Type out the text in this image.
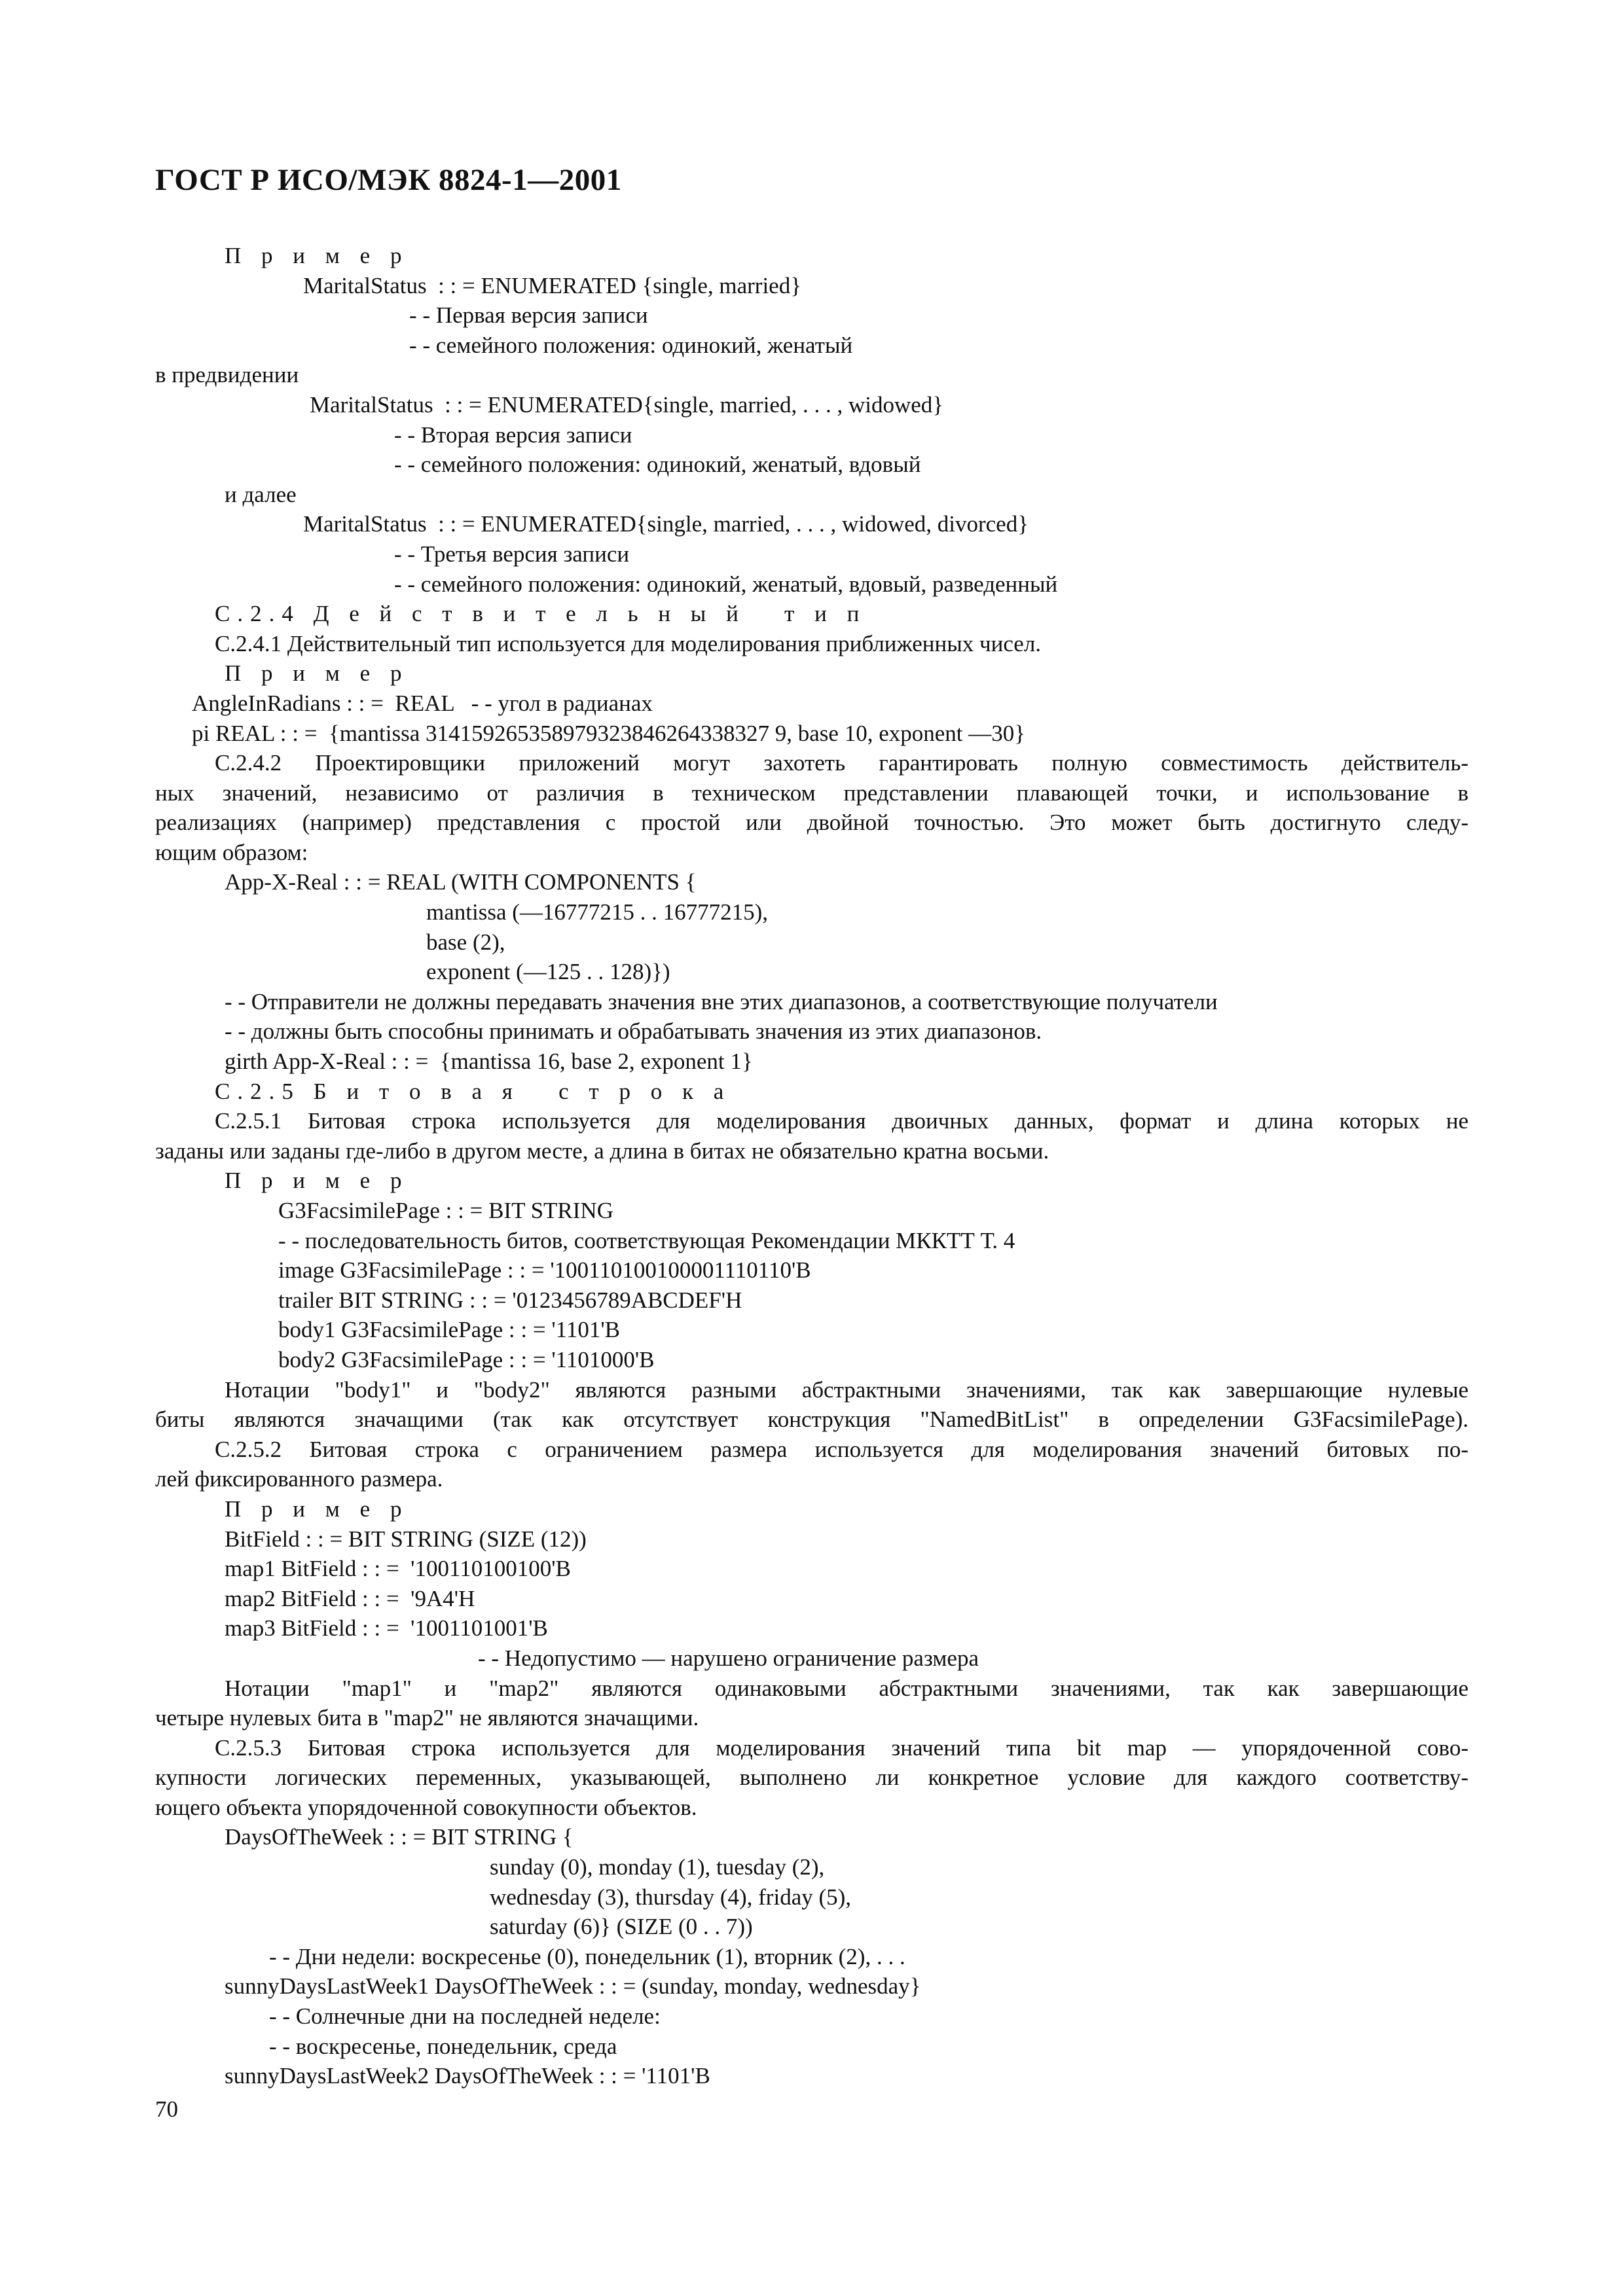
ГОСТ Р ИСО/МЭК 8824-1—2001
П р и м е р
MaritalStatus  : : = ENUMERATED {single, married}
- - Первая версия записи
- - семейного положения: одинокий, женатый
в предвидении
MaritalStatus  : : = ENUMERATED{single, married, . . . , widowed}
- - Вторая версия записи
- - семейного положения: одинокий, женатый, вдовый
и далее
MaritalStatus  : : = ENUMERATED{single, married, . . . , widowed, divorced}
- - Третья версия записи
- - семейного положения: одинокий, женатый, вдовый, разведенный
С.2.4 Д е й с т в и т е л ь н ы й   т и п
С.2.4.1 Действительный тип используется для моделирования приближенных чисел.
П р и м е р
AngleInRadians : : =  REAL   - - угол в радианах
pi REAL : : =  {mantissa 314159265358979323846264338327 9, base 10, exponent —30}
С.2.4.2 Проектировщики приложений могут захотеть гарантировать полную совместимость действитель-
ных значений, независимо от различия в техническом представлении плавающей точки, и использование в
реализациях (например) представления с простой или двойной точностью. Это может быть достигнуто следу-
ющим образом:
App-X-Real : : = REAL (WITH COMPONENTS {
mantissa (—16777215 . . 16777215),
base (2),
exponent (—125 . . 128)})
- - Отправители не должны передавать значения вне этих диапазонов, а соответствующие получатели
- - должны быть способны принимать и обрабатывать значения из этих диапазонов.
girth App-X-Real : : =  {mantissa 16, base 2, exponent 1}
С.2.5 Б и т о в а я   с т р о к а
С.2.5.1 Битовая строка используется для моделирования двоичных данных, формат и длина которых не
заданы или заданы где-либо в другом месте, а длина в битах не обязательно кратна восьми.
П р и м е р
G3FacsimilePage : : = BIT STRING
- - последовательность битов, соответствующая Рекомендации МККТТ Т. 4
image G3FacsimilePage : : = '100110100100001110110'B
trailer BIT STRING : : = '0123456789ABCDEF'H
body1 G3FacsimilePage : : = '1101'B
body2 G3FacsimilePage : : = '1101000'B
Нотации "body1" и "body2" являются разными абстрактными значениями, так как завершающие нулевые
биты являются значащими (так как отсутствует конструкция "NamedBitList" в определении G3FacsimilePage).
С.2.5.2 Битовая строка с ограничением размера используется для моделирования значений битовых по-
лей фиксированного размера.
П р и м е р
BitField : : = BIT STRING (SIZE (12))
map1 BitField : : =  '100110100100'B
map2 BitField : : =  '9A4'H
map3 BitField : : =  '1001101001'B
- - Недопустимо — нарушено ограничение размера
Нотации "map1" и "map2" являются одинаковыми абстрактными значениями, так как завершающие
четыре нулевых бита в "map2" не являются значащими.
С.2.5.3 Битовая строка используется для моделирования значений типа bit map — упорядоченной сово-
купности логических переменных, указывающей, выполнено ли конкретное условие для каждого соответству-
ющего объекта упорядоченной совокупности объектов.
DaysOfTheWeek : : = BIT STRING {
sunday (0), monday (1), tuesday (2),
wednesday (3), thursday (4), friday (5),
saturday (6)} (SIZE (0 . . 7))
- - Дни недели: воскресенье (0), понедельник (1), вторник (2), . . .
sunnyDaysLastWeek1 DaysOfTheWeek : : = (sunday, monday, wednesday}
- - Солнечные дни на последней неделе:
- - воскресенье, понедельник, среда
sunnyDaysLastWeek2 DaysOfTheWeek : : = '1101'B
70
